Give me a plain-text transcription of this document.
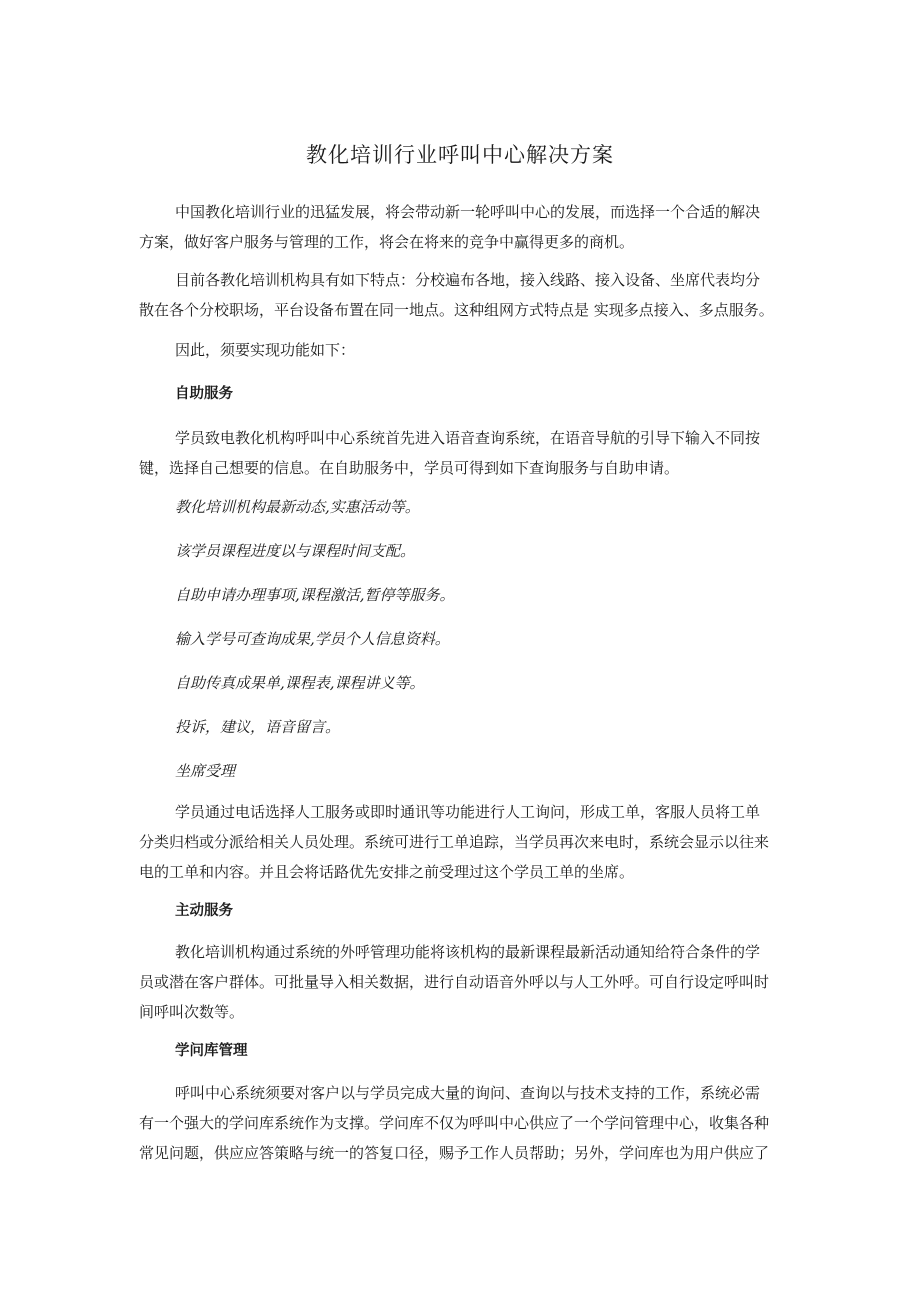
教化培训行业呼叫中心解决方案
中国教化培训行业的迅猛发展，将会带动新一轮呼叫中心的发展，而选择一个合适的解决
方案，做好客户服务与管理的工作，将会在将来的竞争中赢得更多的商机。
目前各教化培训机构具有如下特点：分校遍布各地，接入线路、接入设备、坐席代表均分
散在各个分校职场，平台设备布置在同一地点。这种组网方式特点是 实现多点接入、多点服务。
因此，须要实现功能如下：
自助服务
学员致电教化机构呼叫中心系统首先进入语音查询系统，在语音导航的引导下输入不同按
键，选择自己想要的信息。在自助服务中，学员可得到如下查询服务与自助申请。
教化培训机构最新动态,实惠活动等。
该学员课程进度以与课程时间支配。
自助申请办理事项,课程激活,暂停等服务。
输入学号可查询成果,学员个人信息资料。
自助传真成果单,课程表,课程讲义等。
投诉，建议，语音留言。
坐席受理
学员通过电话选择人工服务或即时通讯等功能进行人工询问，形成工单，客服人员将工单
分类归档或分派给相关人员处理。系统可进行工单追踪，当学员再次来电时，系统会显示以往来
电的工单和内容。并且会将话路优先安排之前受理过这个学员工单的坐席。
主动服务
教化培训机构通过系统的外呼管理功能将该机构的最新课程最新活动通知给符合条件的学
员或潜在客户群体。可批量导入相关数据，进行自动语音外呼以与人工外呼。可自行设定呼叫时
间呼叫次数等。
学问库管理
呼叫中心系统须要对客户以与学员完成大量的询问、查询以与技术支持的工作，系统必需
有一个强大的学问库系统作为支撑。学问库不仅为呼叫中心供应了一个学问管理中心，收集各种
常见问题，供应应答策略与统一的答复口径，赐予工作人员帮助；另外，学问库也为用户供应了
